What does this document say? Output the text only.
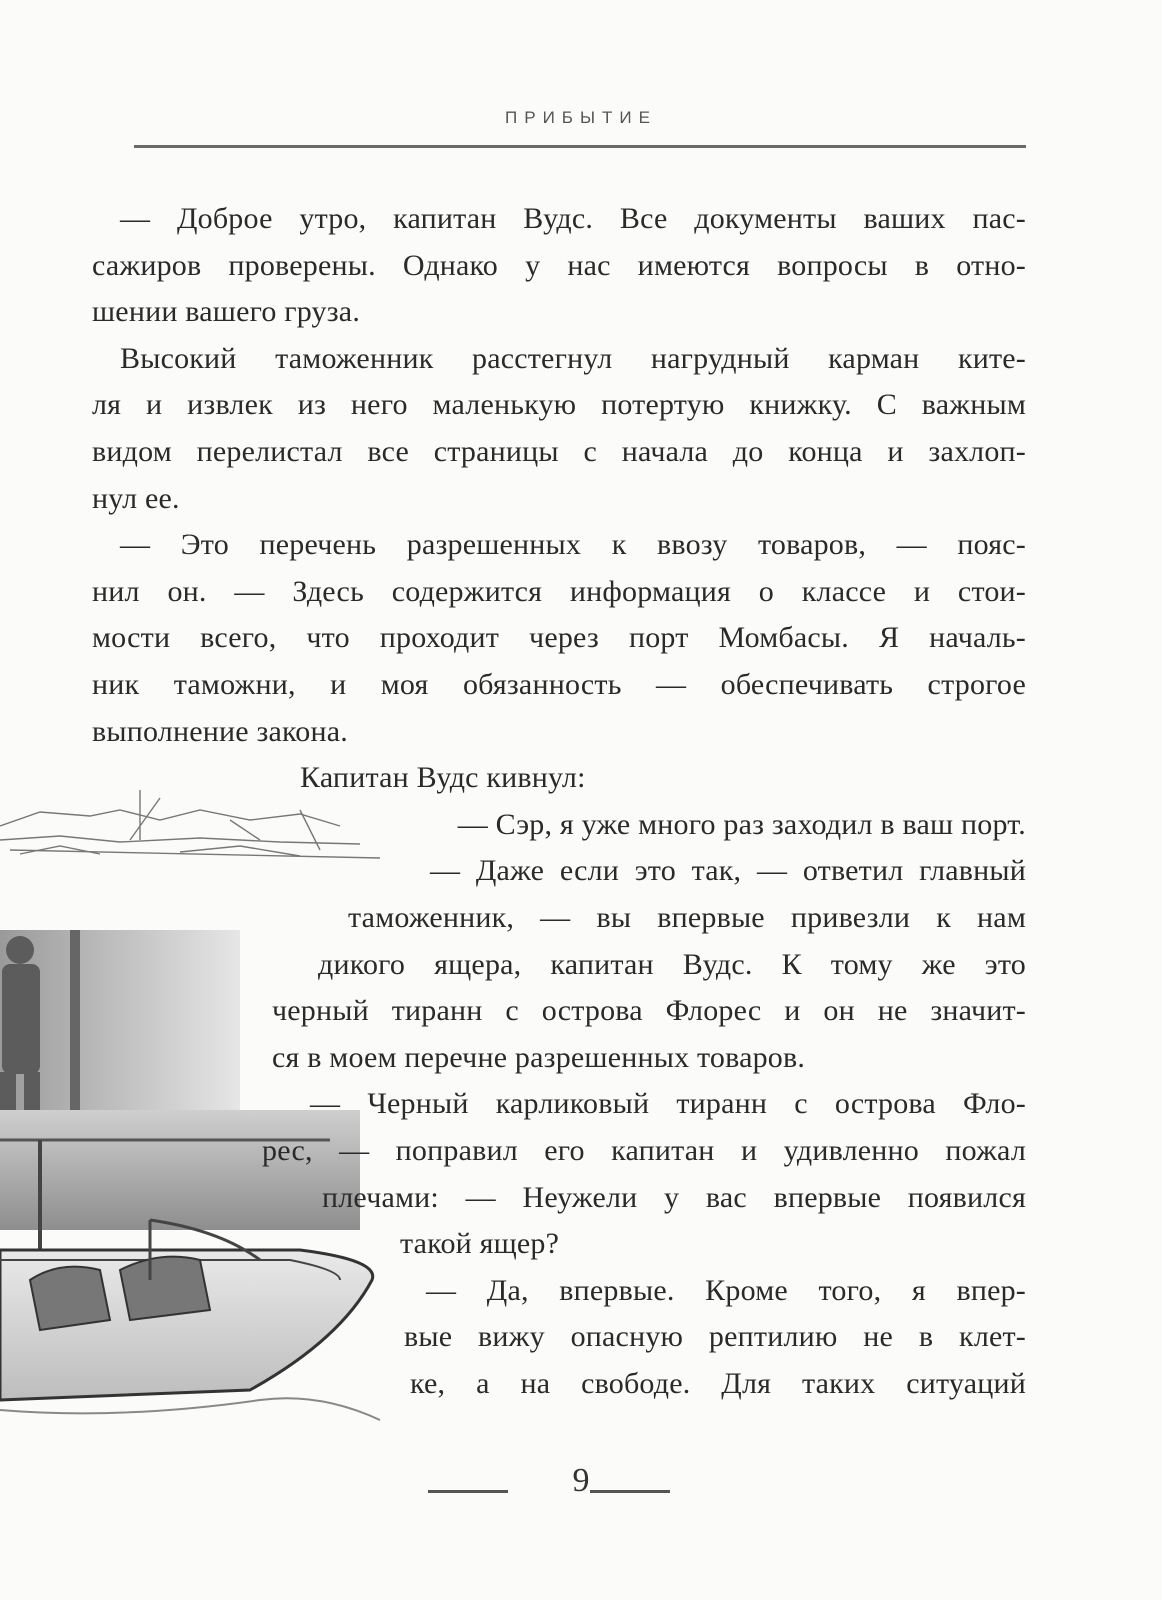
ПРИБЫТИЕ
— Доброе утро, капитан Вудс. Все документы ваших пас-
сажиров проверены. Однако у нас имеются вопросы в отно-
шении вашего груза.
Высокий таможенник расстегнул нагрудный карман ките-
ля и извлек из него маленькую потертую книжку. С важным
видом перелистал все страницы с начала до конца и захлоп-
нул ее.
— Это перечень разрешенных к ввозу товаров, — пояс-
нил он. — Здесь содержится информация о классе и стои-
мости всего, что проходит через порт Момбасы. Я началь-
ник таможни, и моя обязанность — обеспечивать строгое
выполнение закона.
Капитан Вудс кивнул:
— Сэр, я уже много раз заходил в ваш порт.
— Даже если это так, — ответил главный
таможенник, — вы впервые привезли к нам
дикого ящера, капитан Вудс. К тому же это
черный тиранн с острова Флорес и он не значит-
ся в моем перечне разрешенных товаров.
— Черный карликовый тиранн с острова Фло-
рес, — поправил его капитан и удивленно пожал
плечами: — Неужели у вас впервые появился
такой ящер?
— Да, впервые. Кроме того, я впер-
вые вижу опасную рептилию не в клет-
ке, а на свободе. Для таких ситуаций
9
